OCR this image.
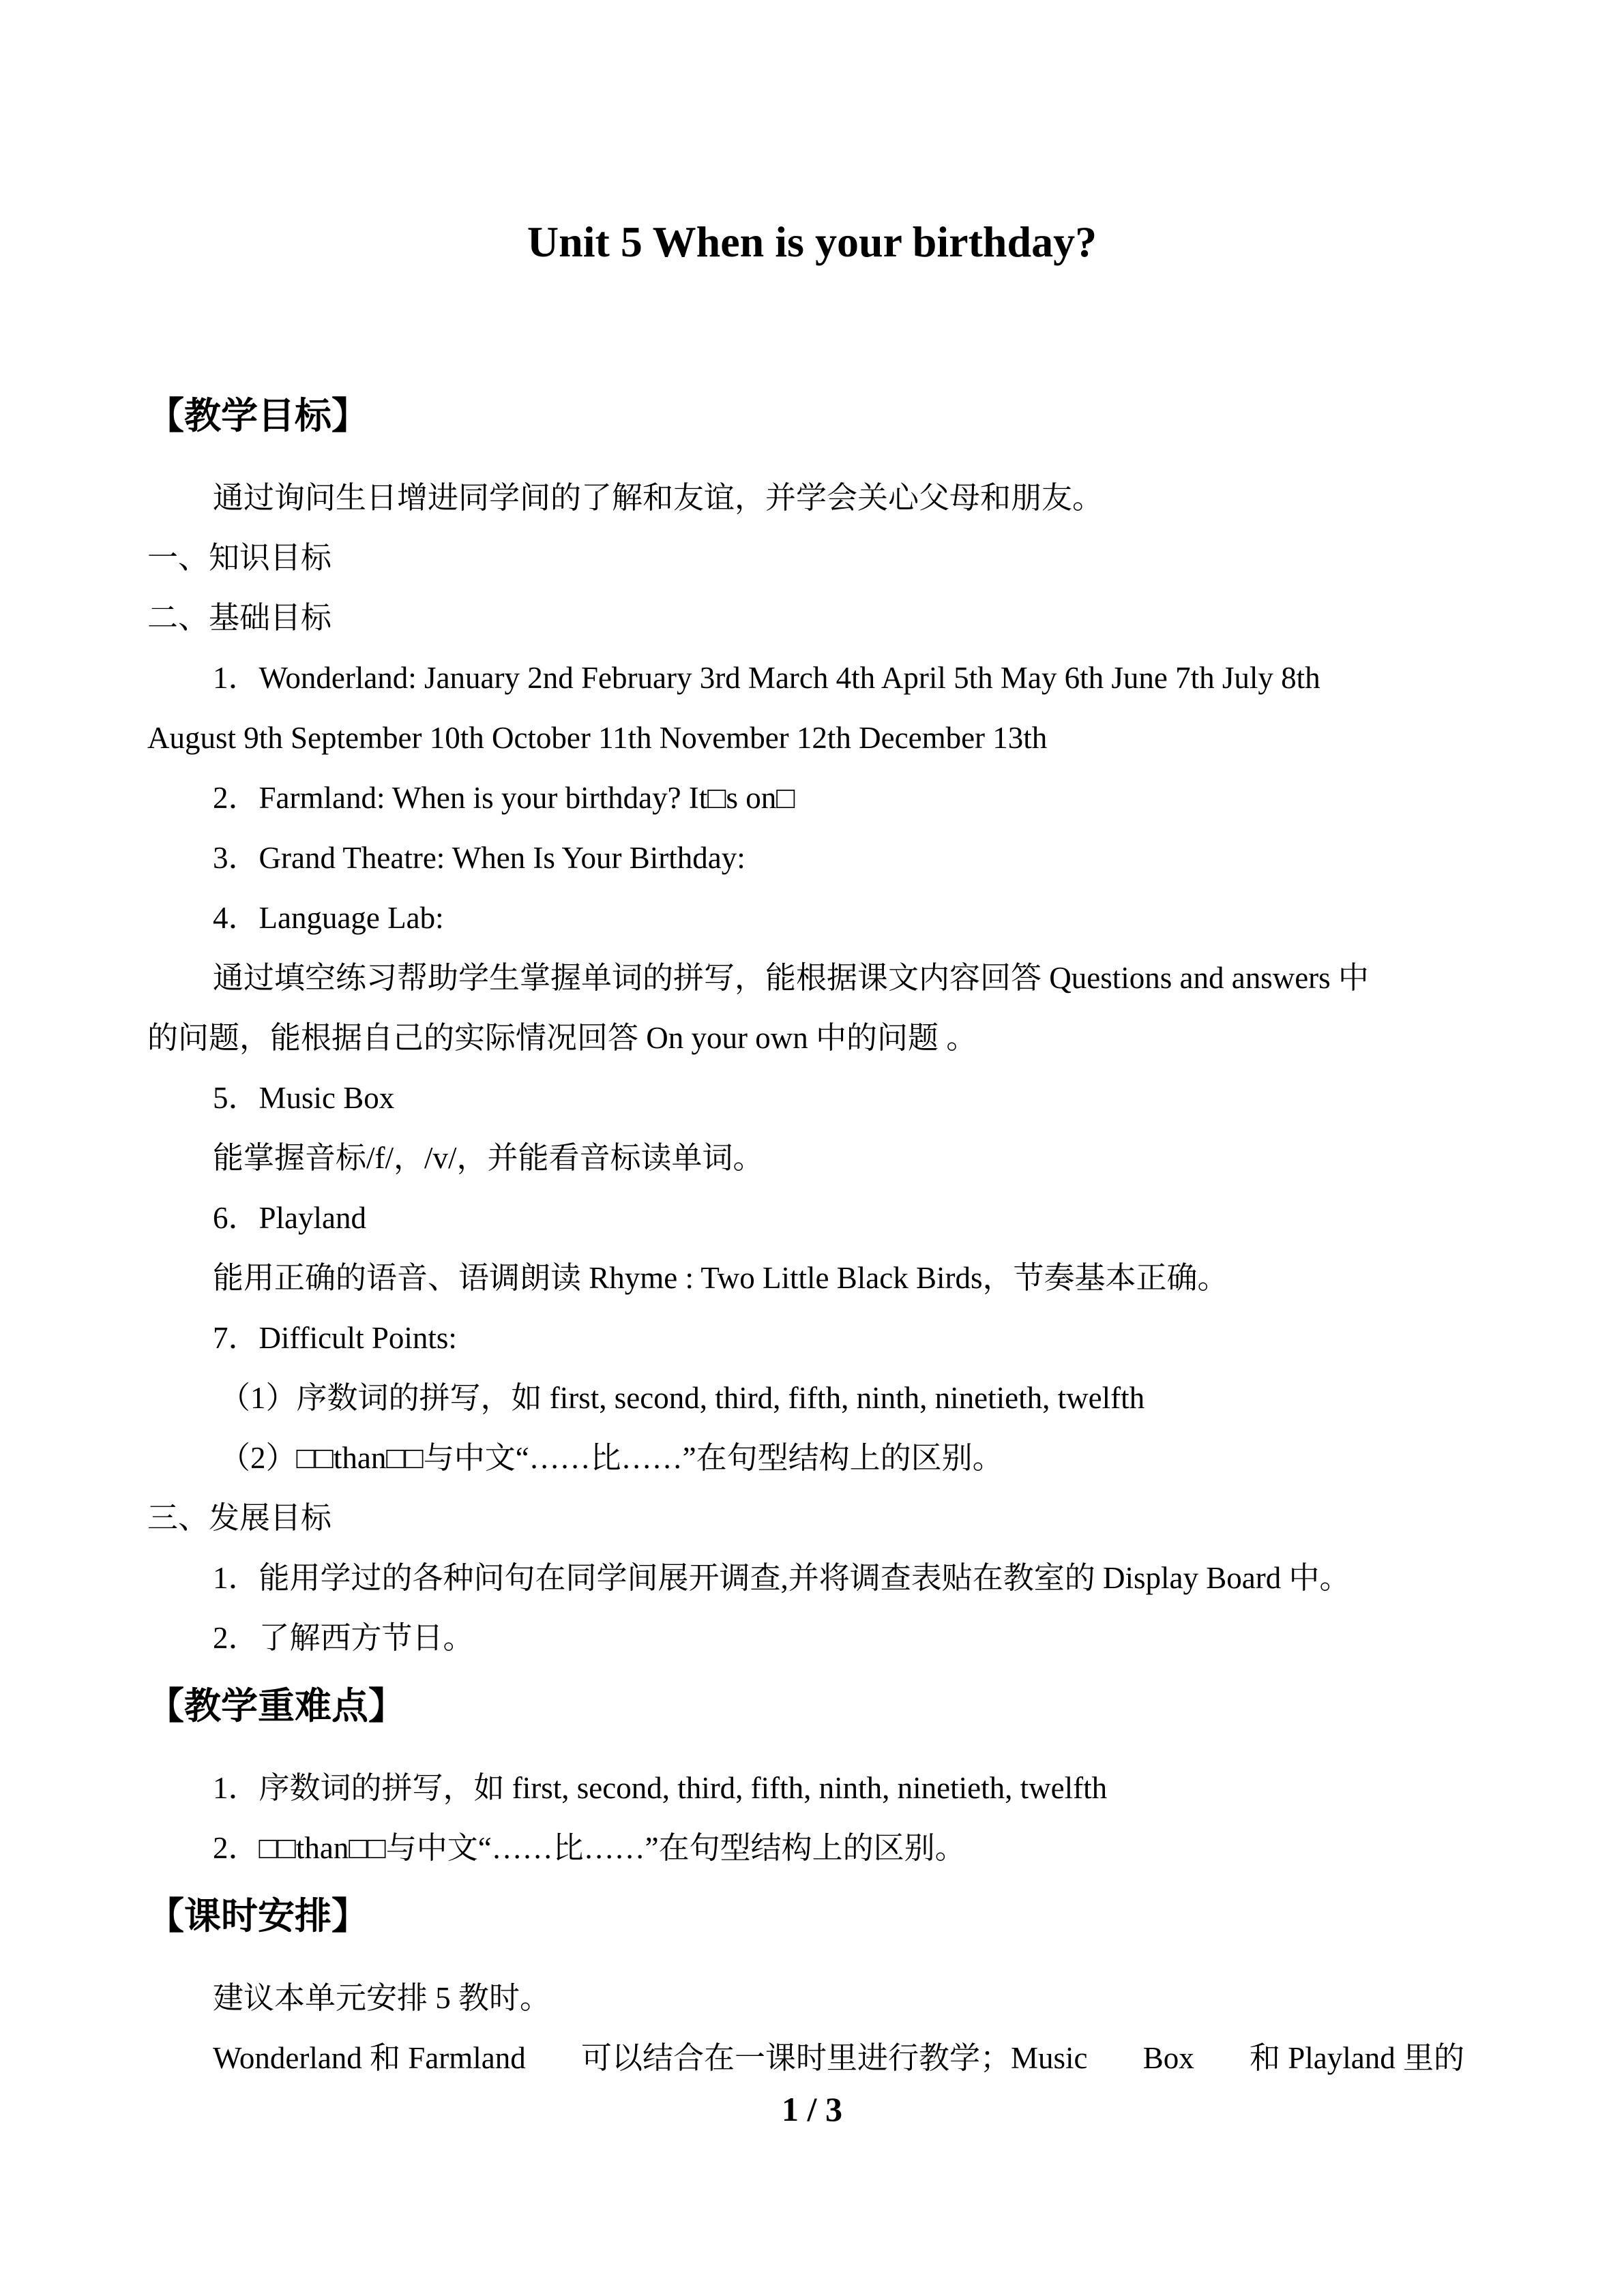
Unit 5 When is your birthday?
【教学目标】
通过询问生日增进同学间的了解和友谊，并学会关心父母和朋友。
一、知识目标
二、基础目标
1．Wonderland: January 2nd February 3rd March 4th April 5th May 6th June 7th July 8th
August 9th September 10th October 11th November 12th December 13th
2．Farmland: When is your birthday? It□s on□
3．Grand Theatre: When Is Your Birthday:
4．Language Lab:
通过填空练习帮助学生掌握单词的拼写，能根据课文内容回答 Questions and answers 中
的问题，能根据自己的实际情况回答 On your own 中的问题 。
5．Music Box
能掌握音标/f/，/v/，并能看音标读单词。
6．Playland
能用正确的语音、语调朗读 Rhyme : Two Little Black Birds，节奏基本正确。
7．Difficult Points:
（1）序数词的拼写，如 first, second, third, fifth, ninth, ninetieth, twelfth
（2）□□than□□与中文“……比……”在句型结构上的区别。
三、发展目标
1．能用学过的各种问句在同学间展开调查,并将调查表贴在教室的 Display Board 中。
2．了解西方节日。
【教学重难点】
1．序数词的拼写，如 first, second, third, fifth, ninth, ninetieth, twelfth
2．□□than□□与中文“……比……”在句型结构上的区别。
【课时安排】
建议本单元安排 5 教时。
Wonderland 和 Farmland 可以结合在一课时里进行教学；Music Box 和 Playland 里的
1 / 3
